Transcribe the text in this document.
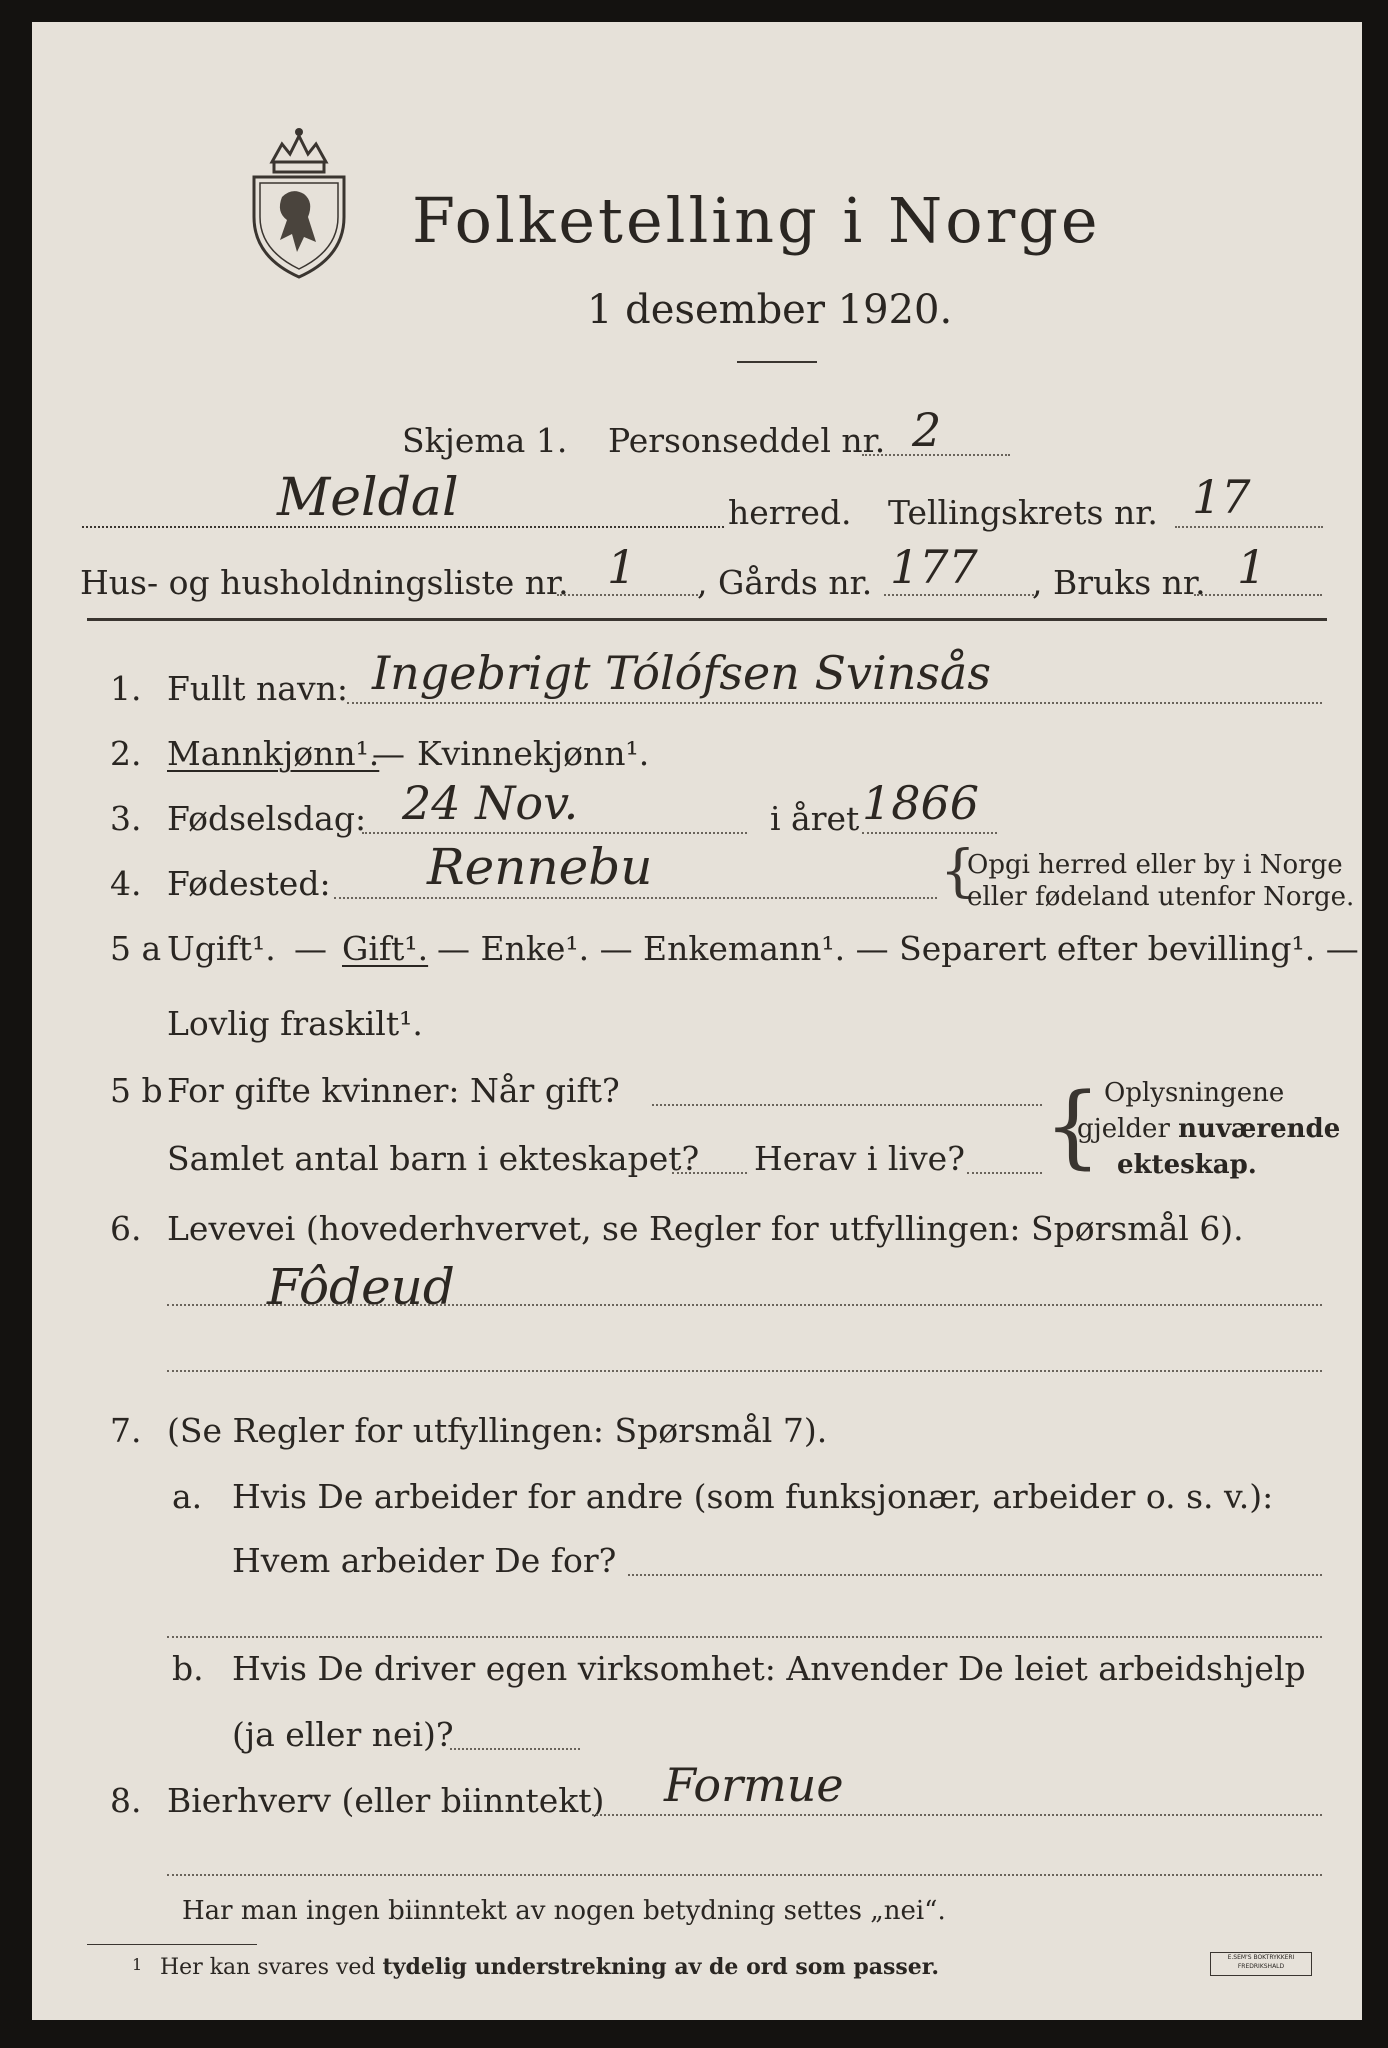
Folketelling i Norge
1 desember 1920.
Skjema 1. Personseddel nr. 2
Meldal	herred. Tellingskrets nr. 17
Hus- og husholdningsliste nr. 1 , Gårds nr. 177 , Bruks nr. 1
1. Fullt navn: Ingebrigt Tólófsen Svinsås
2. Mannkjønn¹.
— Kvinnekjønn¹.
3. Fødselsdag: 24 Nov.	i året 1866
4. Fødested: Rennebu	{
Opgi herred eller by i Norge
eller fødeland utenfor Norge.
5 a Ugift¹. — Gift¹. — Enke¹. — Enkemann¹. — Separert efter bevilling¹. —
Lovlig fraskilt¹.
5 b For gifte kvinner: Når gift?
Samlet antal barn i ekteskapet? Herav i live? { Oplysningene
gjelder nuværende
ekteskap.
6. Levevei (hovederhvervet, se Regler for utfyllingen: Spørsmål 6).
Fôdeud
7. (Se Regler for utfyllingen: Spørsmål 7).
a. Hvis De arbeider for andre (som funksjonær, arbeider o. s. v.):
Hvem arbeider De for?
b. Hvis De driver egen virksomhet: Anvender De leiet arbeidshjelp
(ja eller nei)?
8. Bierhverv (eller biinntekt) Formue
Har man ingen biinntekt av nogen betydning settes „nei“.
1 Her kan svares ved tydelig understrekning av de ord som passer.	E.SEM'S BOKTRYKKERI FREDRIKSHALD
